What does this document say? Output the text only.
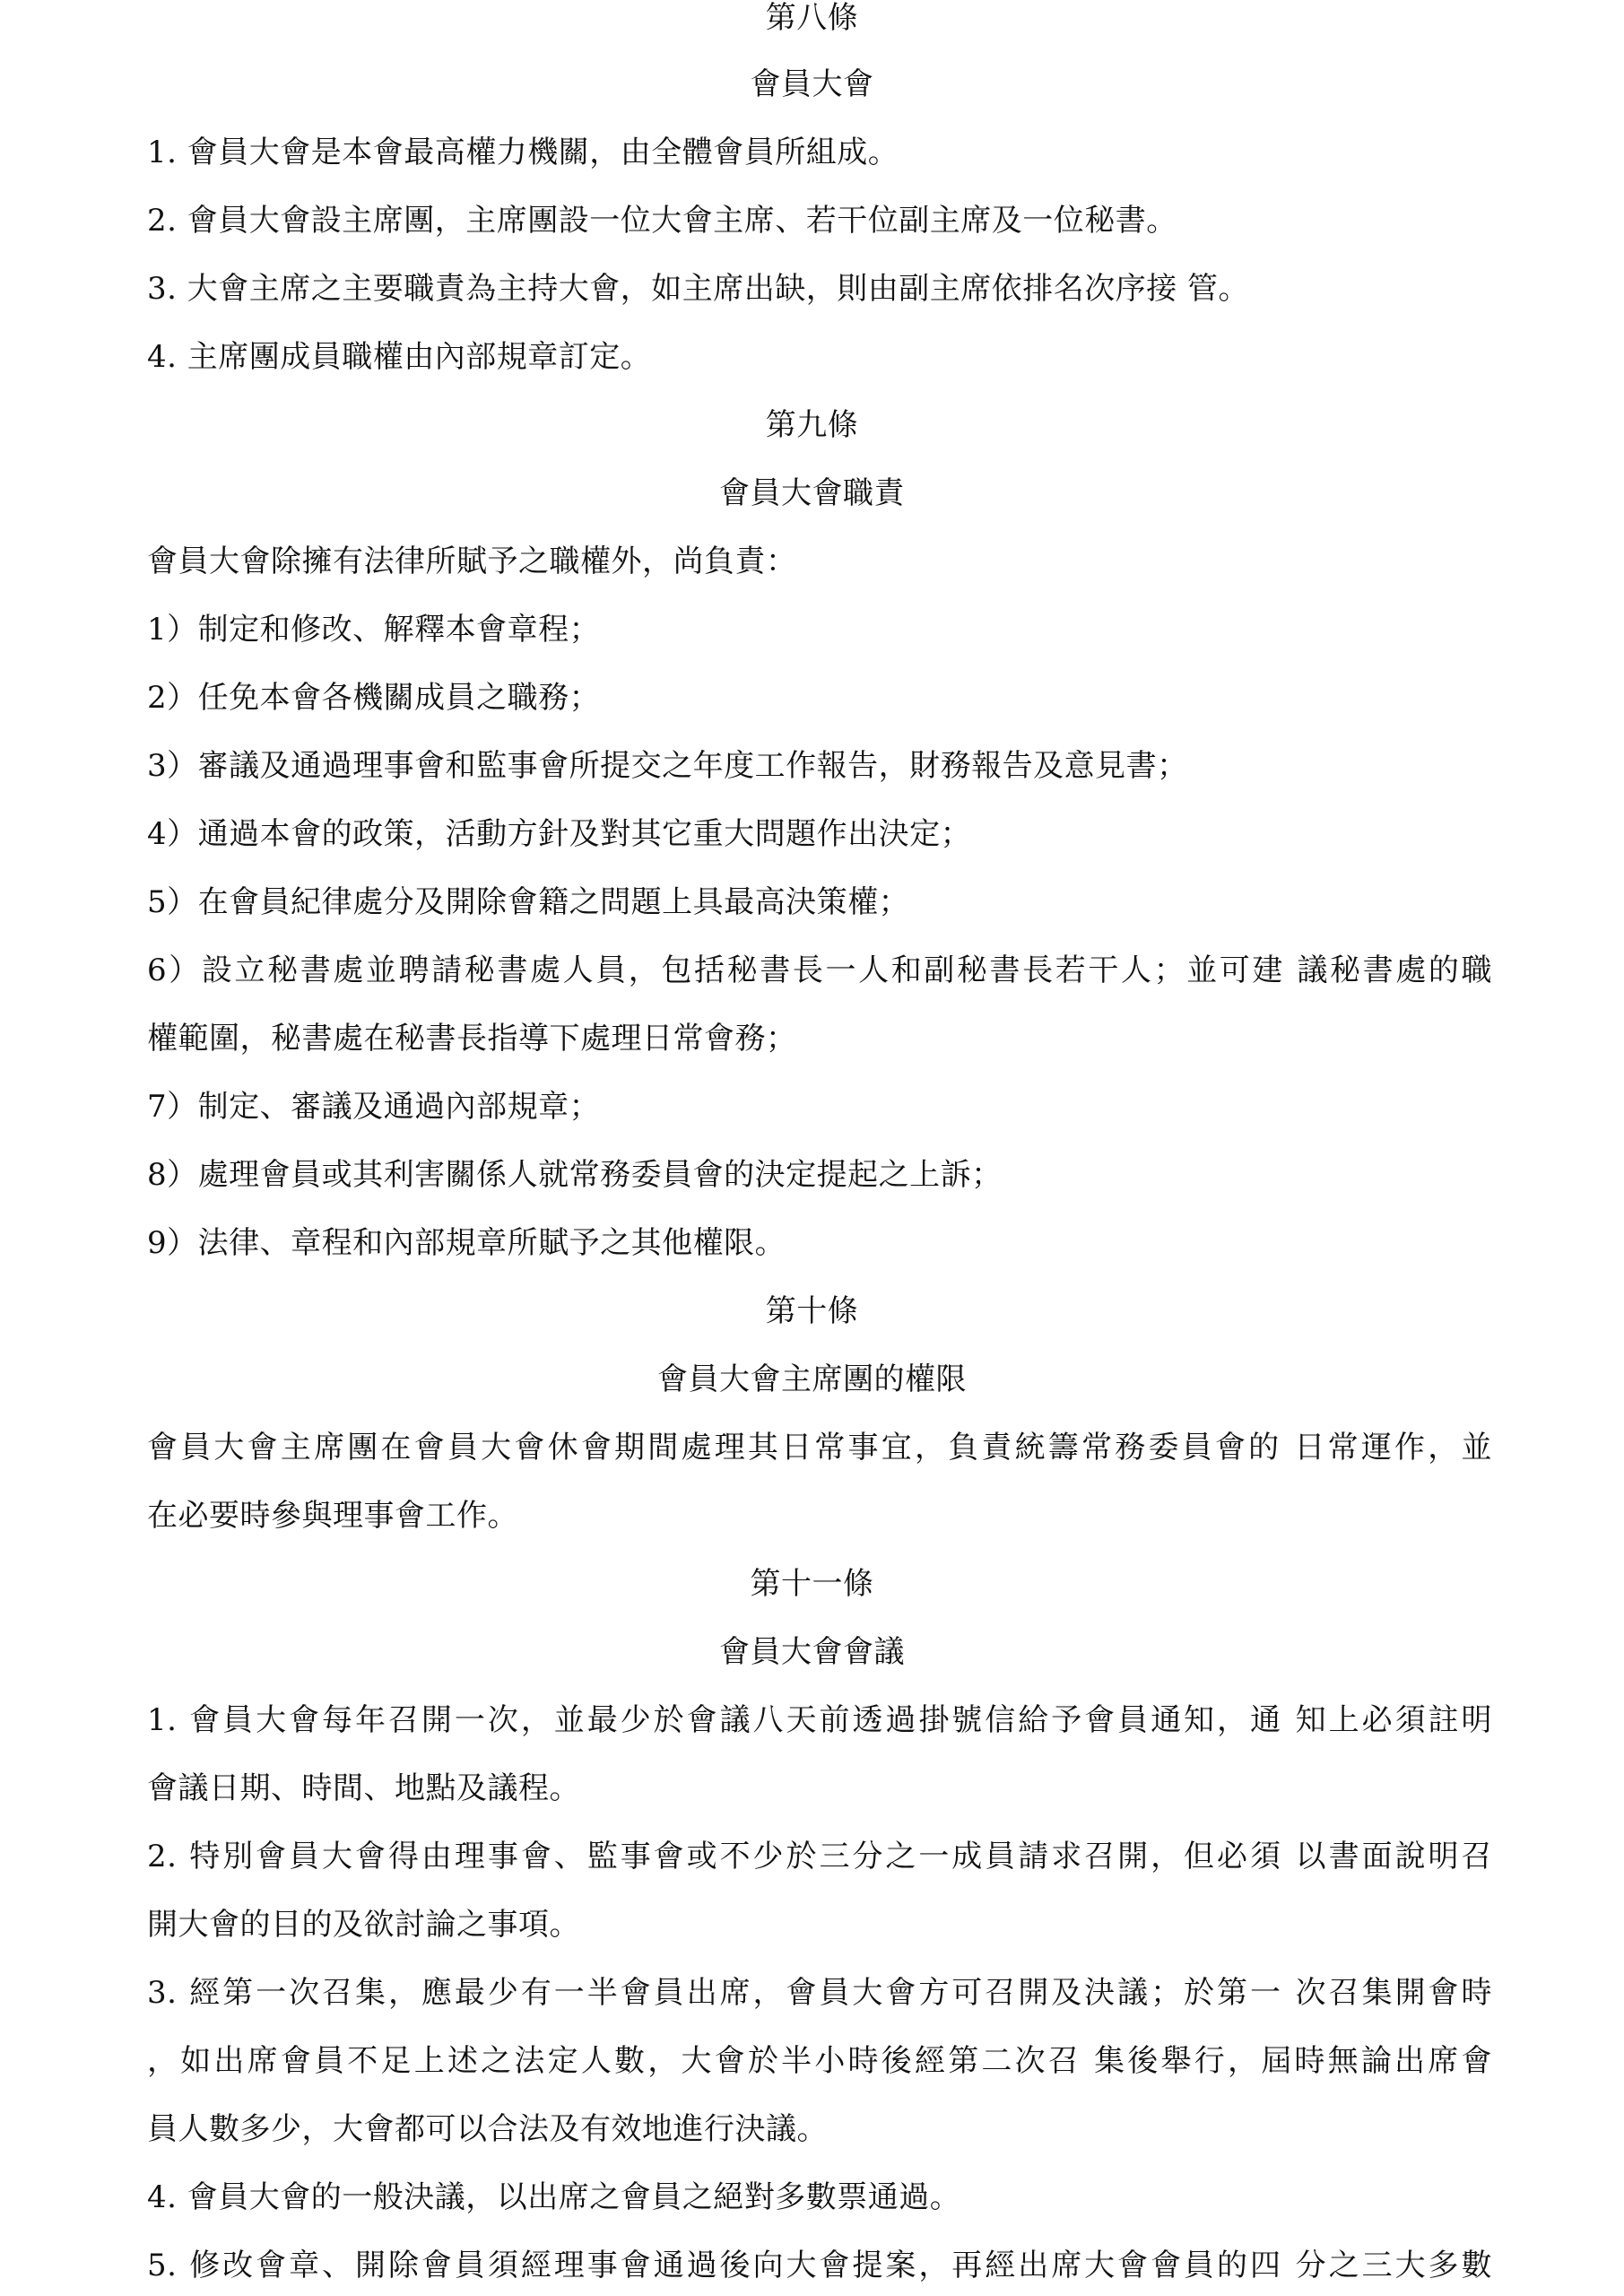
第八條
會員大會
1. 會員大會是本會最高權力機關，由全體會員所組成。
2. 會員大會設主席團，主席團設一位大會主席、若干位副主席及一位秘書。
3. 大會主席之主要職責為主持大會，如主席出缺，則由副主席依排名次序接 管。
4. 主席團成員職權由內部規章訂定。
第九條
會員大會職責
會員大會除擁有法律所賦予之職權外，尚負責：
1）制定和修改、解釋本會章程；
2）任免本會各機關成員之職務；
3）審議及通過理事會和監事會所提交之年度工作報告，財務報告及意見書；
4）通過本會的政策，活動方針及對其它重大問題作出決定；
5）在會員紀律處分及開除會籍之問題上具最高決策權；
6）設立秘書處並聘請秘書處人員，包括秘書長一人和副秘書長若干人；並可建 議秘書處的職
權範圍，秘書處在秘書長指導下處理日常會務；
7）制定、審議及通過內部規章；
8）處理會員或其利害關係人就常務委員會的決定提起之上訴；
9）法律、章程和內部規章所賦予之其他權限。
第十條
會員大會主席團的權限
會員大會主席團在會員大會休會期間處理其日常事宜，負責統籌常務委員會的 日常運作，並
在必要時參與理事會工作。
第十一條
會員大會會議
1. 會員大會每年召開一次，並最少於會議八天前透過掛號信給予會員通知，通 知上必須註明
會議日期、時間、地點及議程。
2. 特別會員大會得由理事會、監事會或不少於三分之一成員請求召開，但必須 以書面說明召
開大會的目的及欲討論之事項。
3. 經第一次召集，應最少有一半會員出席，會員大會方可召開及決議；於第一 次召集開會時
，如出席會員不足上述之法定人數，大會於半小時後經第二次召 集後舉行，屆時無論出席會
員人數多少，大會都可以合法及有效地進行決議。
4. 會員大會的一般決議，以出席之會員之絕對多數票通過。
5. 修改會章、開除會員須經理事會通過後向大會提案，再經出席大會會員的四 分之三大多數
